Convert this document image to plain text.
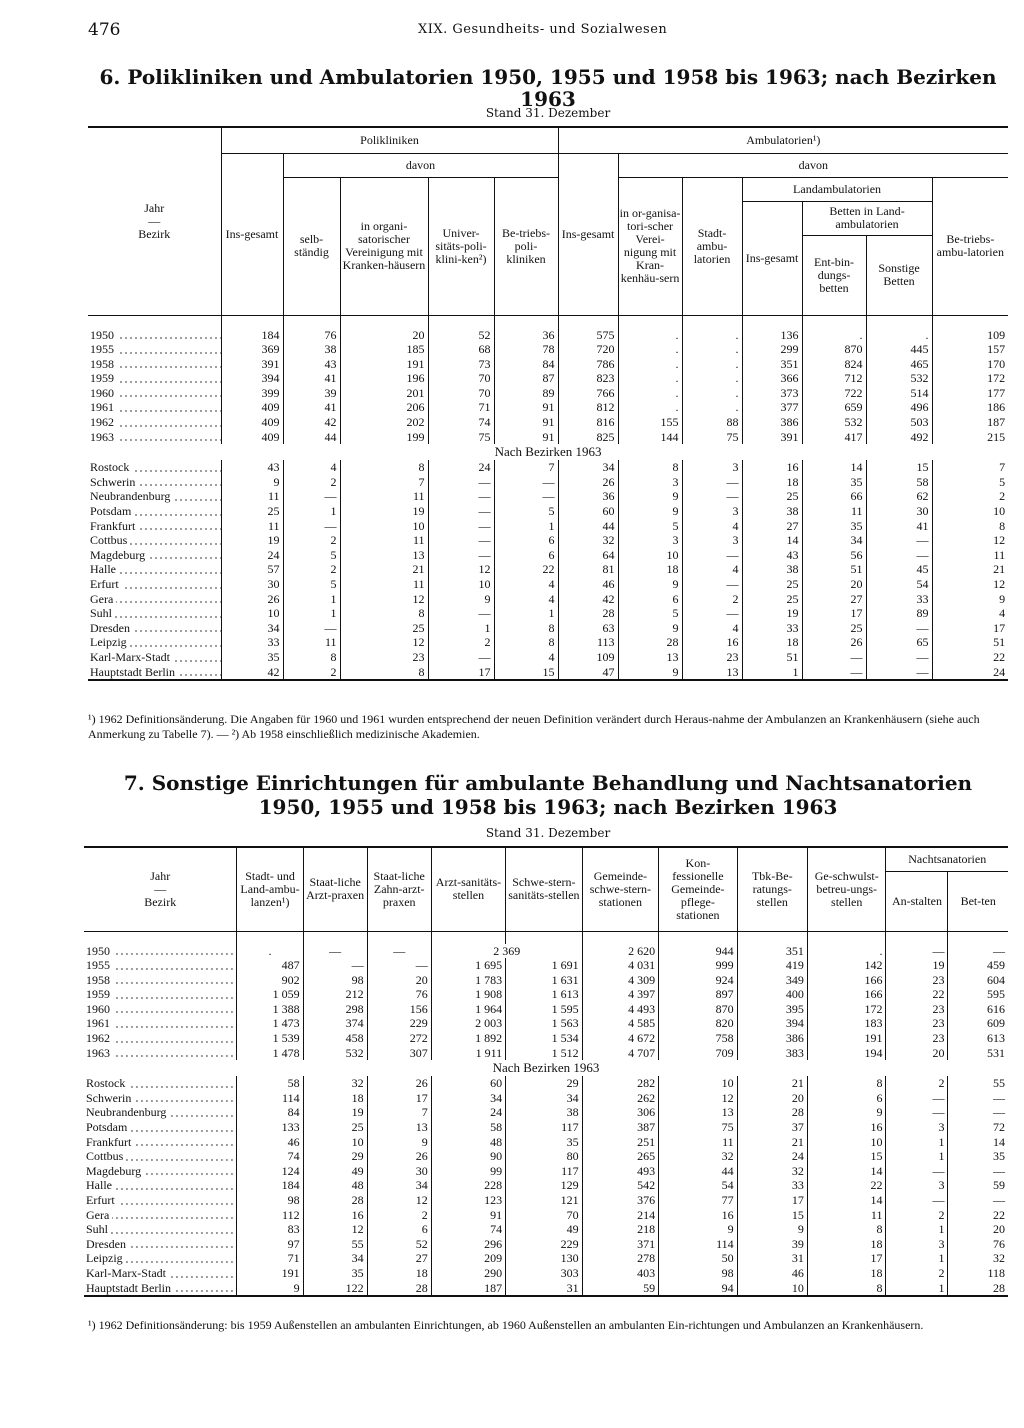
476	XIX. Gesundheits- und Sozialwesen
6. Polikliniken und Ambulatorien 1950, 1955 und 1958 bis 1963; nach Bezirken 1963
Stand 31. Dezember
Jahr
—
Bezirk	Polikliniken					Ambulatorien¹)						
	Ins-gesamt	davon				Ins-gesamt	davon					
		selb-ständig	in organi-satorischer Vereinigung mit Kranken-häusern	Univer-sitäts-poli-klini-ken²)	Be-triebs-poli-kliniken		in or-ganisa-tori-scher Verei-nigung mit Kran-kenhäu-sern	Stadt-ambu-latorien	Landambulatorien			Be-triebs-ambu-latorien
									Ins-gesamt	Betten in Landambulatorien		
										Ent-bin-dungs-betten	Sonstige Betten	

1950	184	76	20	52	36	575	.	.	136	.	.	109
1955	369	38	185	68	78	720	.	.	299	870	445	157
1958	391	43	191	73	84	786	.	.	351	824	465	170
1959	394	41	196	70	87	823	.	.	366	712	532	172
1960	399	39	201	70	89	766	.	.	373	722	514	177
1961	409	41	206	71	91	812	.	.	377	659	496	186
1962	409	42	202	74	91	816	155	88	386	532	503	187
1963	409	44	199	75	91	825	144	75	391	417	492	215
Nach Bezirken 1963												
Rostock	43	4	8	24	7	34	8	3	16	14	15	7
Schwerin	9	2	7	—	—	26	3	—	18	35	58	5
Neubrandenburg	11	—	11	—	—	36	9	—	25	66	62	2
Potsdam	25	1	19	—	5	60	9	3	38	11	30	10
Frankfurt	11	—	10	—	1	44	5	4	27	35	41	8
Cottbus	19	2	11	—	6	32	3	3	14	34	—	12
Magdeburg	24	5	13	—	6	64	10	—	43	56	—	11
Halle	57	2	21	12	22	81	18	4	38	51	45	21
Erfurt	30	5	11	10	4	46	9	—	25	20	54	12
Gera	26	1	12	9	4	42	6	2	25	27	33	9
Suhl	10	1	8	—	1	28	5	—	19	17	89	4
Dresden	34	—	25	1	8	63	9	4	33	25	—	17
Leipzig	33	11	12	2	8	113	28	16	18	26	65	51
Karl-Marx-Stadt	35	8	23	—	4	109	13	23	51	—	—	22
Hauptstadt Berlin	42	2	8	17	15	47	9	13	1	—	—	24
¹) 1962 Definitionsänderung. Die Angaben für 1960 und 1961 wurden entsprechend der neuen Definition verändert durch Heraus-nahme der Ambulanzen an Krankenhäusern (siehe auch Anmerkung zu Tabelle 7). — ²) Ab 1958 einschließlich medizinische Akademien.
7. Sonstige Einrichtungen für ambulante Behandlung und Nachtsanatorien
1950, 1955 und 1958 bis 1963; nach Bezirken 1963
Stand 31. Dezember
Jahr
—
Bezirk	Stadt- und Land-ambu-lanzen¹)	Staat-liche Arzt-praxen	Staat-liche Zahn-arzt-praxen	Arzt-sanitäts-stellen	Schwe-stern-sanitäts-stellen	Gemeinde-schwe-stern-stationen	Kon-fessionelle Gemeinde-pflege-stationen	Tbk-Be-ratungs-stellen	Ge-schwulst-betreu-ungs-stellen	Nachtsanatorien	
										An-stalten	Bet-ten

1950	.	—	—	2 369		2 620	944	351	.	—	—
1955	487	—	—	1 695	1 691	4 031	999	419	142	19	459
1958	902	98	20	1 783	1 631	4 309	924	349	166	23	604
1959	1 059	212	76	1 908	1 613	4 397	897	400	166	22	595
1960	1 388	298	156	1 964	1 595	4 493	870	395	172	23	616
1961	1 473	374	229	2 003	1 563	4 585	820	394	183	23	609
1962	1 539	458	272	1 892	1 534	4 672	758	386	191	23	613
1963	1 478	532	307	1 911	1 512	4 707	709	383	194	20	531
Nach Bezirken 1963											
Rostock	58	32	26	60	29	282	10	21	8	2	55
Schwerin	114	18	17	34	34	262	12	20	6	—	—
Neubrandenburg	84	19	7	24	38	306	13	28	9	—	—
Potsdam	133	25	13	58	117	387	75	37	16	3	72
Frankfurt	46	10	9	48	35	251	11	21	10	1	14
Cottbus	74	29	26	90	80	265	32	24	15	1	35
Magdeburg	124	49	30	99	117	493	44	32	14	—	—
Halle	184	48	34	228	129	542	54	33	22	3	59
Erfurt	98	28	12	123	121	376	77	17	14	—	—
Gera	112	16	2	91	70	214	16	15	11	2	22
Suhl	83	12	6	74	49	218	9	9	8	1	20
Dresden	97	55	52	296	229	371	114	39	18	3	76
Leipzig	71	34	27	209	130	278	50	31	17	1	32
Karl-Marx-Stadt	191	35	18	290	303	403	98	46	18	2	118
Hauptstadt Berlin	9	122	28	187	31	59	94	10	8	1	28
¹) 1962 Definitionsänderung: bis 1959 Außenstellen an ambulanten Einrichtungen, ab 1960 Außenstellen an ambulanten Ein-richtungen und Ambulanzen an Krankenhäusern.
